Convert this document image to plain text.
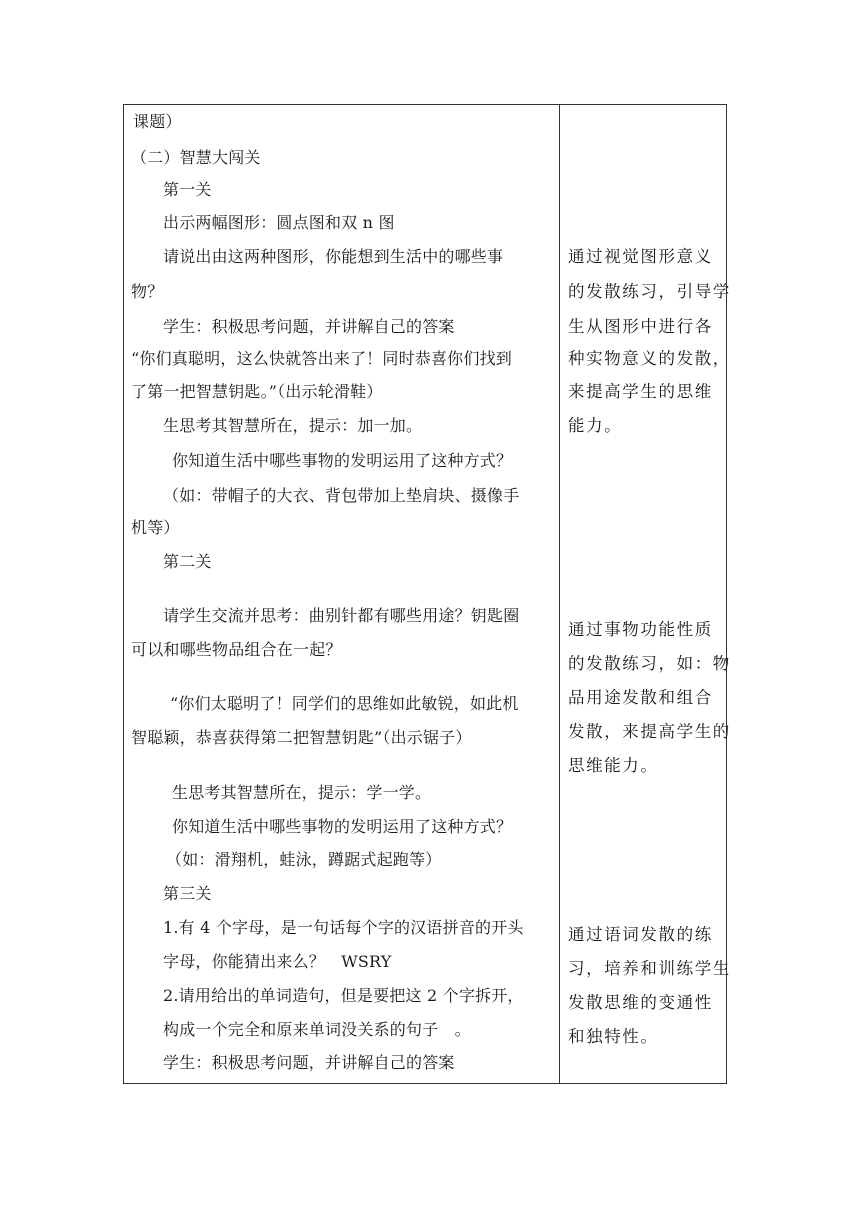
课题）
（二）智慧大闯关
第一关
出示两幅图形：圆点图和双 n 图
请说出由这两种图形，你能想到生活中的哪些事
物？
学生：积极思考问题，并讲解自己的答案
“你们真聪明，这么快就答出来了！同时恭喜你们找到
了第一把智慧钥匙。”（出示轮滑鞋）
生思考其智慧所在，提示：加一加。
你知道生活中哪些事物的发明运用了这种方式？
（如：带帽子的大衣、背包带加上垫肩块、摄像手
机等）
第二关
请学生交流并思考：曲别针都有哪些用途？钥匙圈
可以和哪些物品组合在一起？
“你们太聪明了！同学们的思维如此敏锐，如此机
智聪颖，恭喜获得第二把智慧钥匙”（出示锯子）
生思考其智慧所在，提示：学一学。
你知道生活中哪些事物的发明运用了这种方式？
（如：滑翔机，蛙泳，蹲踞式起跑等）
第三关
1.有 4 个字母，是一句话每个字的汉语拼音的开头
字母，你能猜出来么？　WSRY
2.请用给出的单词造句，但是要把这 2 个字拆开，
构成一个完全和原来单词没关系的句子　。
学生：积极思考问题，并讲解自己的答案
通过视觉图形意义
的发散练习，引导学
生从图形中进行各
种实物意义的发散，
来提高学生的思维
能力。
通过事物功能性质
的发散练习，如：物
品用途发散和组合
发散，来提高学生的
思维能力。
通过语词发散的练
习，培养和训练学生
发散思维的变通性
和独特性。
